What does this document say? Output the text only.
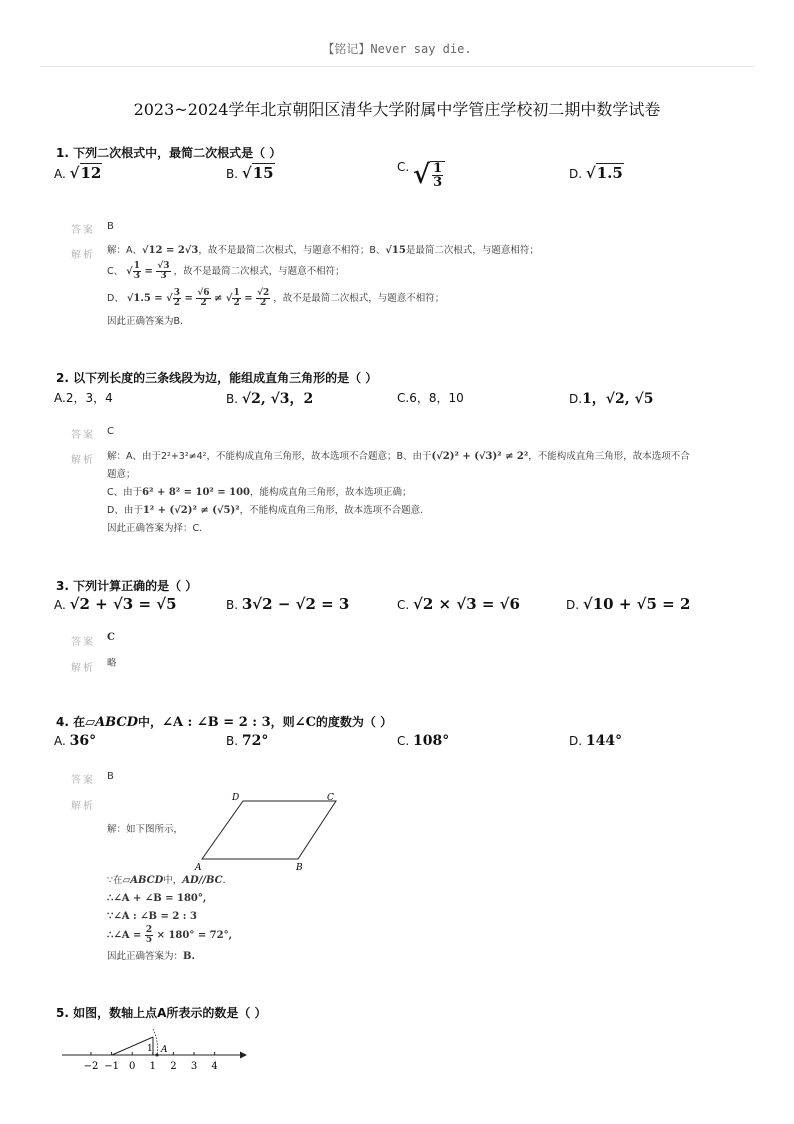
【铭记】Never say die.
2023~2024学年北京朝阳区清华大学附属中学管庄学校初二期中数学试卷
1. 下列二次根式中，最简二次根式是（ ）
A. √12	B. √15	C. √ $\frac{1}{3}$	D. √1.5
答案 B
解析 解：A、√12 = 2√3，故不是最简二次根式，与题意不相符；B、√15是最简二次根式，与题意相符；
C、 √ $\frac{1}{3} = \frac{√3}{3}$ ，故不是最简二次根式，与题意不相符；
D、 √1.5 = √ $\frac{3}{2} = \frac{√6}{2}$ ≠ √ $\frac{1}{2} = \frac{√2}{2}$ ，故不是最简二次根式，与题意不相符；
因此正确答案为B.
2. 以下列长度的三条线段为边，能组成直角三角形的是（ ）
A.2，3，4	B. √2, √3，2	C.6，8，10	D.1，√2, √5
答案 C
解析 解：A、由于2²+3²≠4²，不能构成直角三角形，故本选项不合题意；B、由于(√2)² + (√3)² ≠ 2²，不能构成直角三角形，故本选项不合
题意；
C、由于6² + 8² = 10² = 100，能构成直角三角形，故本选项正确；
D、由于1² + (√2)² ≠ (√5)²，不能构成直角三角形，故本选项不合题意.
因此正确答案为择：C.
3. 下列计算正确的是（ ）
A. √2 + √3 = √5	B. 3√2 − √2 = 3	C. √2 × √3 = √6	D. √10 + √5 = 2
答案 C
解析 略
4. 在▱ABCD中，∠A : ∠B = 2 : 3，则∠C的度数为（ ）
A. 36°	B. 72°	C. 108°	D. 144°
答案 B
解析
解：如下图所示，
D	C
A	B
∵在▱ABCD中，AD//BC.
∴∠A + ∠B = 180°,
∵∠A : ∠B = 2 : 3
∴∠A = $\frac{2}{5} \times 180^\circ = 72^\circ$,
因此正确答案为：B.
5. 如图，数轴上点A所表示的数是（ ）
−2 −1 0 1 2 3 4
1 A
